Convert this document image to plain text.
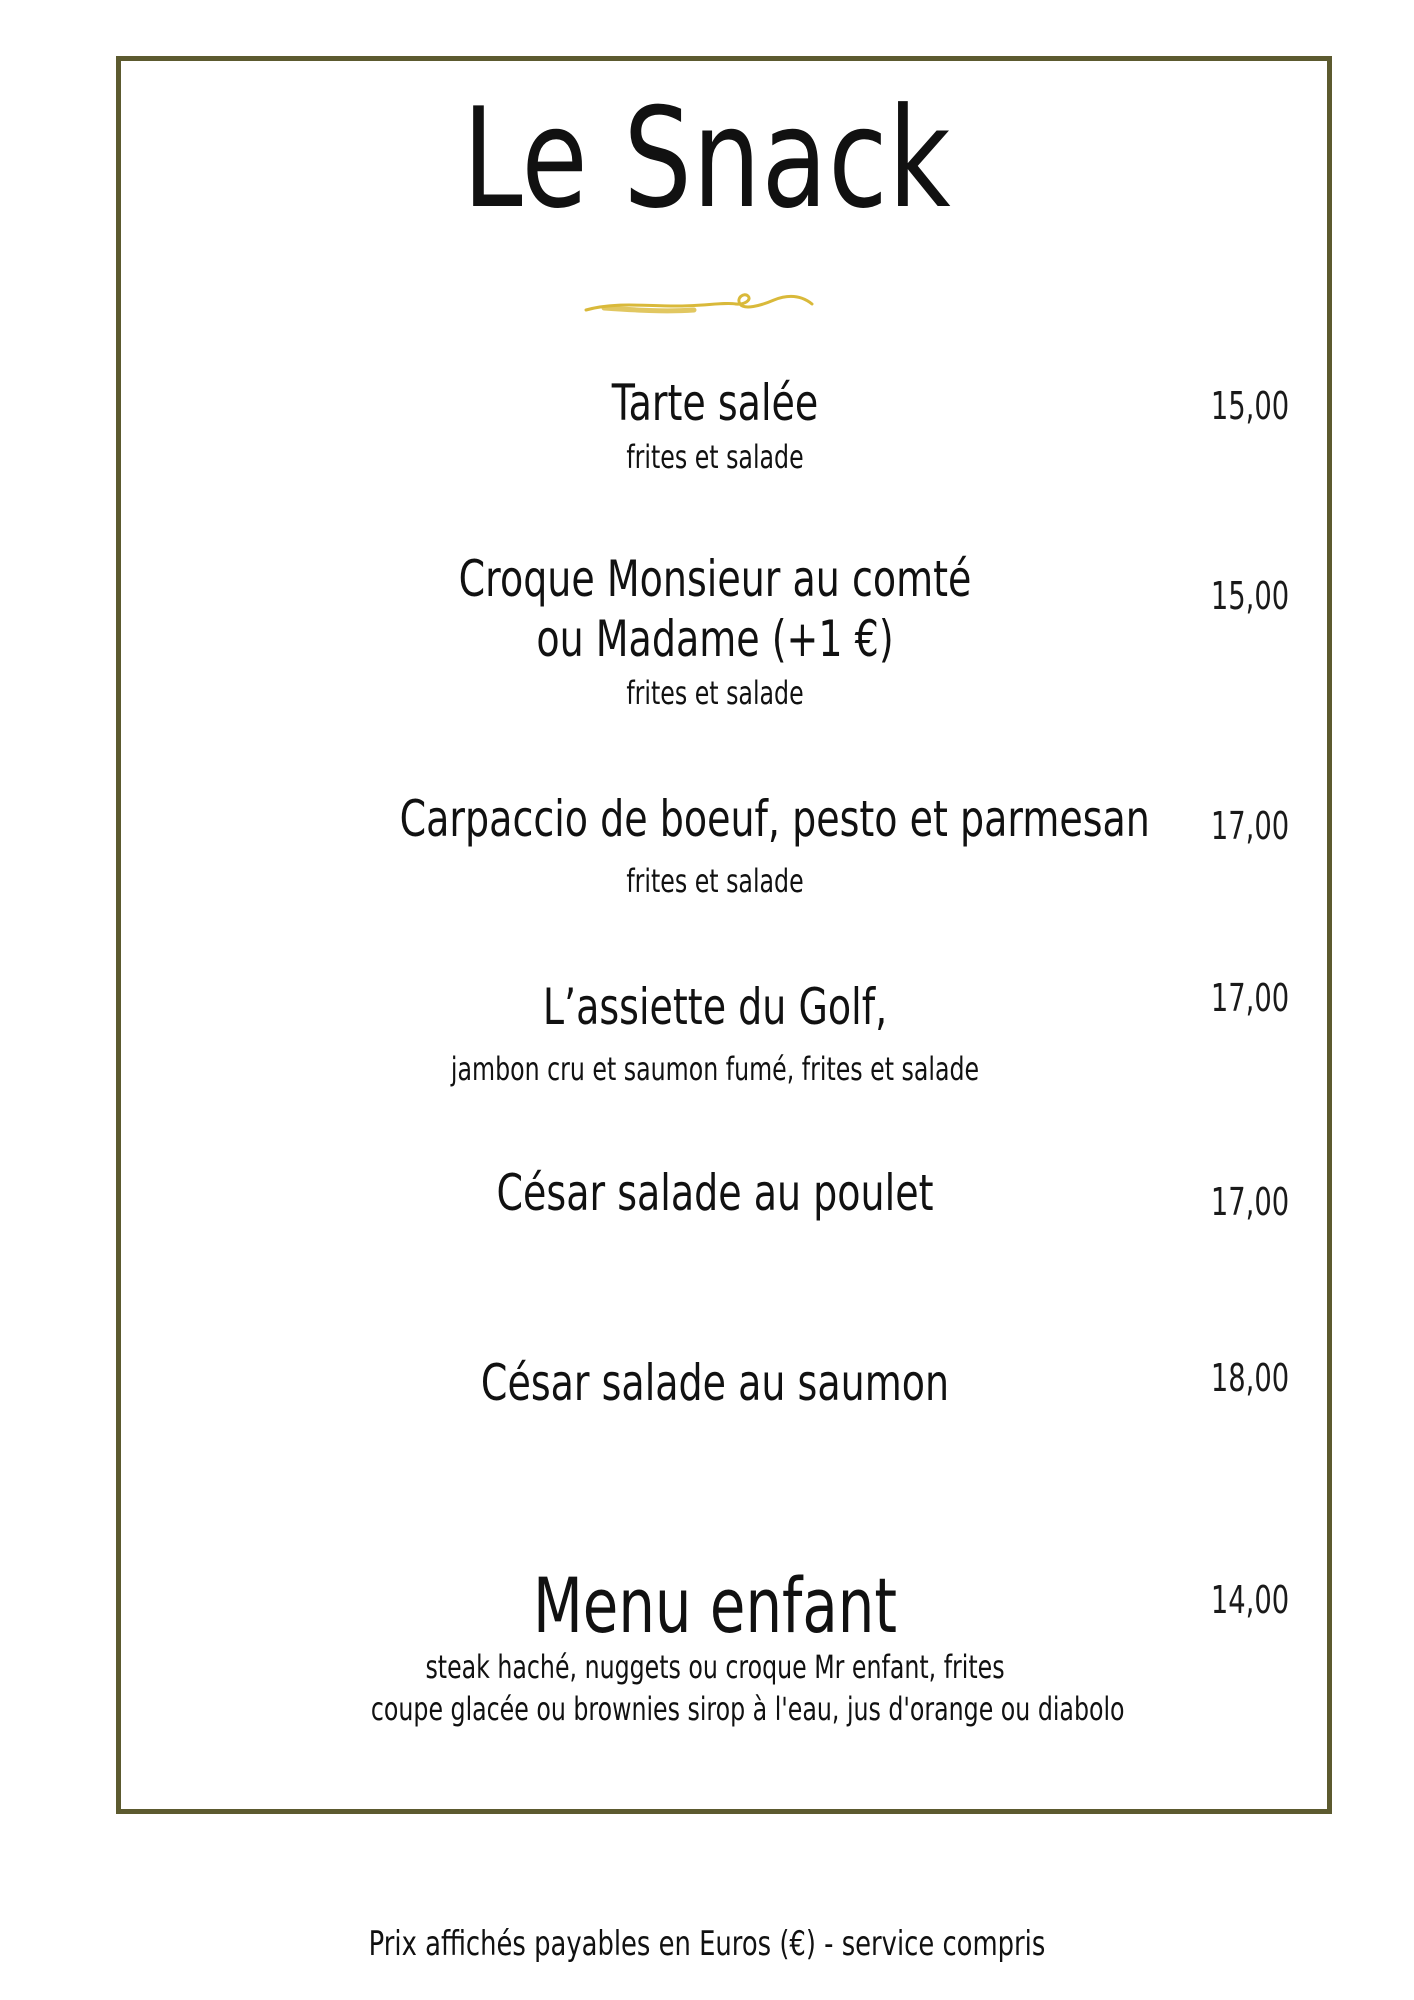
Le Snack
Tarte salée
frites et salade
15,00
Croque Monsieur au comté
ou Madame (+1 €)
frites et salade
15,00
Carpaccio de boeuf, pesto et parmesan
frites et salade
17,00
L’assiette du Golf,
jambon cru et saumon fumé, frites et salade
17,00
César salade au poulet	17,00
César salade au saumon	18,00
Menu enfant
steak haché, nuggets ou croque Mr enfant, frites
coupe glacée ou brownies sirop à l'eau, jus d'orange ou diabolo
14,00
Prix affichés payables en Euros (€) - service compris
